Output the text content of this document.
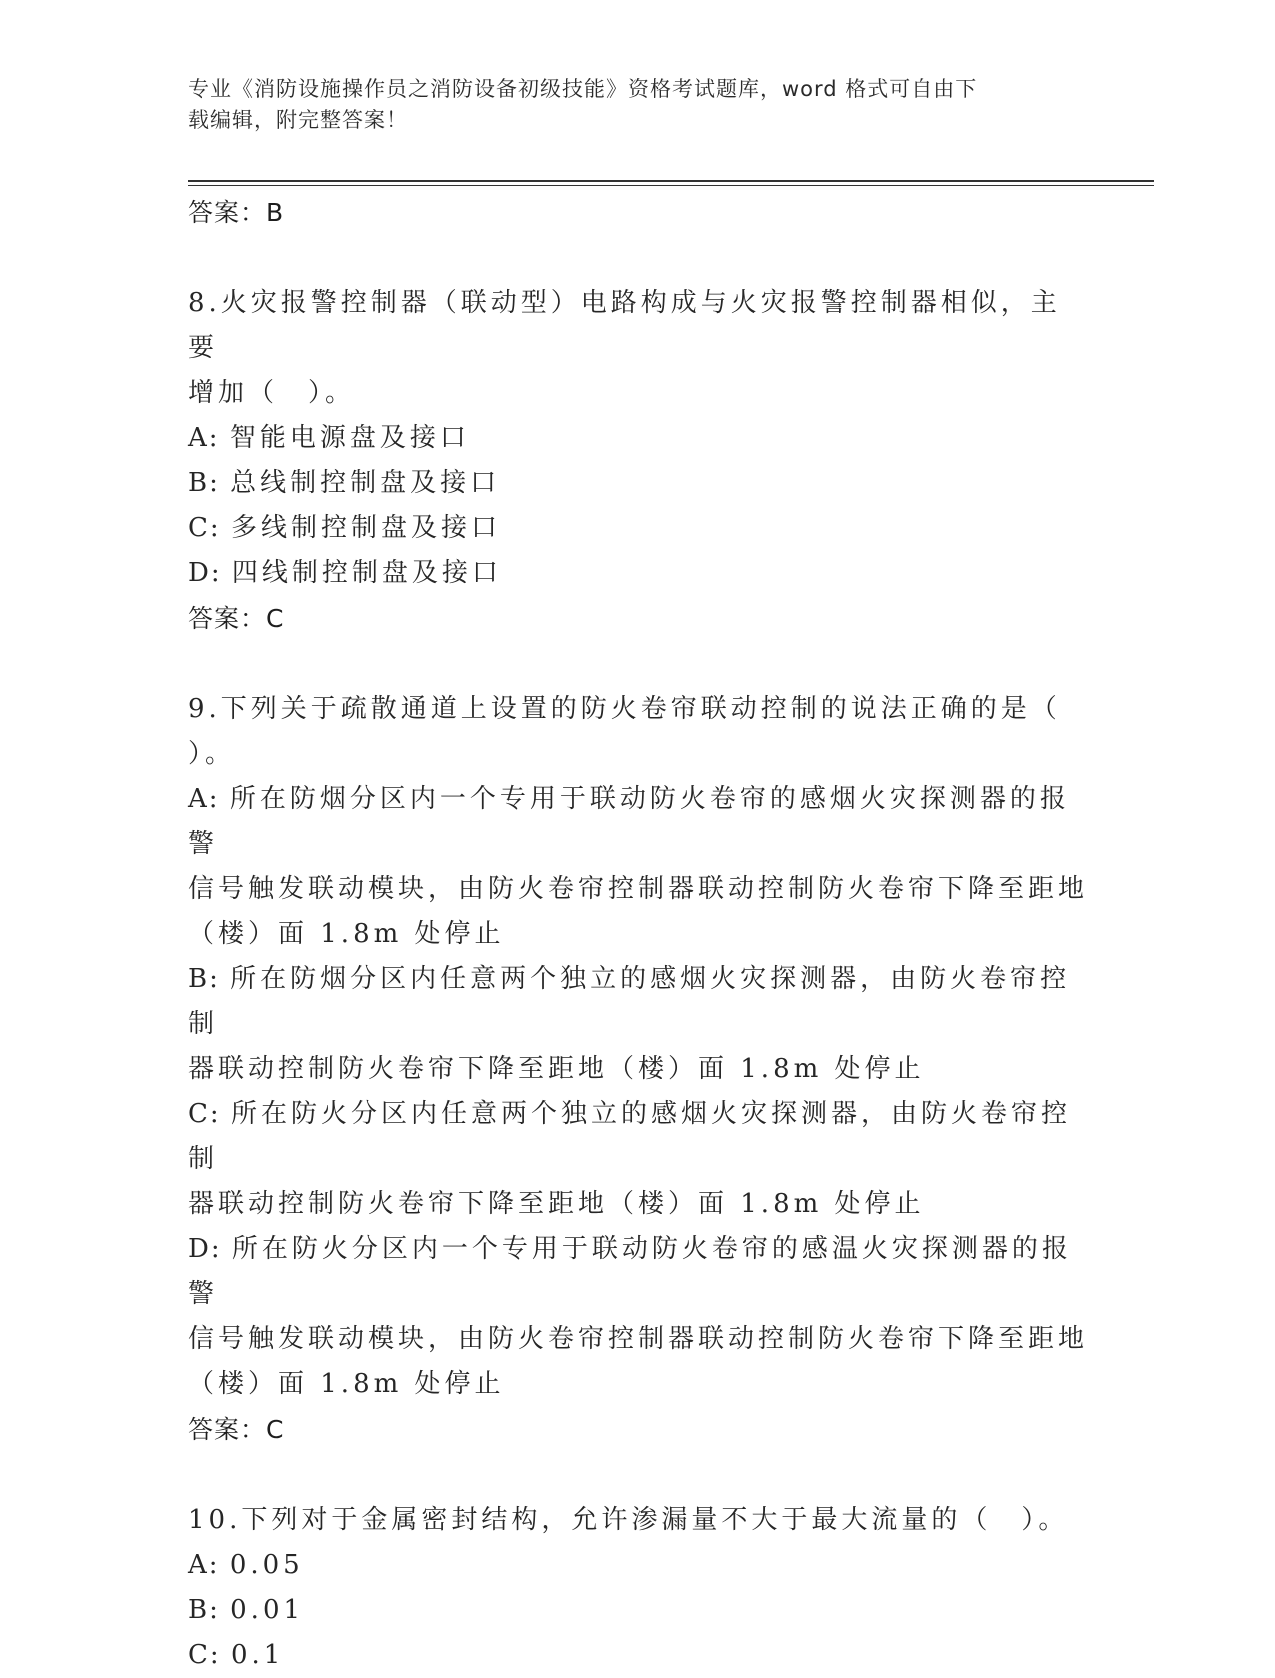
专业《消防设施操作员之消防设备初级技能》资格考试题库，word 格式可自由下
载编辑，附完整答案！
答案：B

8.火灾报警控制器（联动型）电路构成与火灾报警控制器相似，主要

增加（　）。

A : 智能电源盘及接口

B : 总线制控制盘及接口

C : 多线制控制盘及接口

D : 四线制控制盘及接口

答案：C

9.下列关于疏散通道上设置的防火卷帘联动控制的说法正确的是（

）。

A : 所在防烟分区内一个专用于联动防火卷帘的感烟火灾探测器的报警

信号触发联动模块，由防火卷帘控制器联动控制防火卷帘下降至距地

（楼）面 1.8m 处停止

B : 所在防烟分区内任意两个独立的感烟火灾探测器，由防火卷帘控制

器联动控制防火卷帘下降至距地（楼）面 1.8m 处停止

C : 所在防火分区内任意两个独立的感烟火灾探测器，由防火卷帘控制

器联动控制防火卷帘下降至距地（楼）面 1.8m 处停止

D : 所在防火分区内一个专用于联动防火卷帘的感温火灾探测器的报警

信号触发联动模块，由防火卷帘控制器联动控制防火卷帘下降至距地

（楼）面 1.8m 处停止

答案：C

10.下列对于金属密封结构，允许渗漏量不大于最大流量的（　）。

A : 0.05

B : 0.01

C : 0.1
